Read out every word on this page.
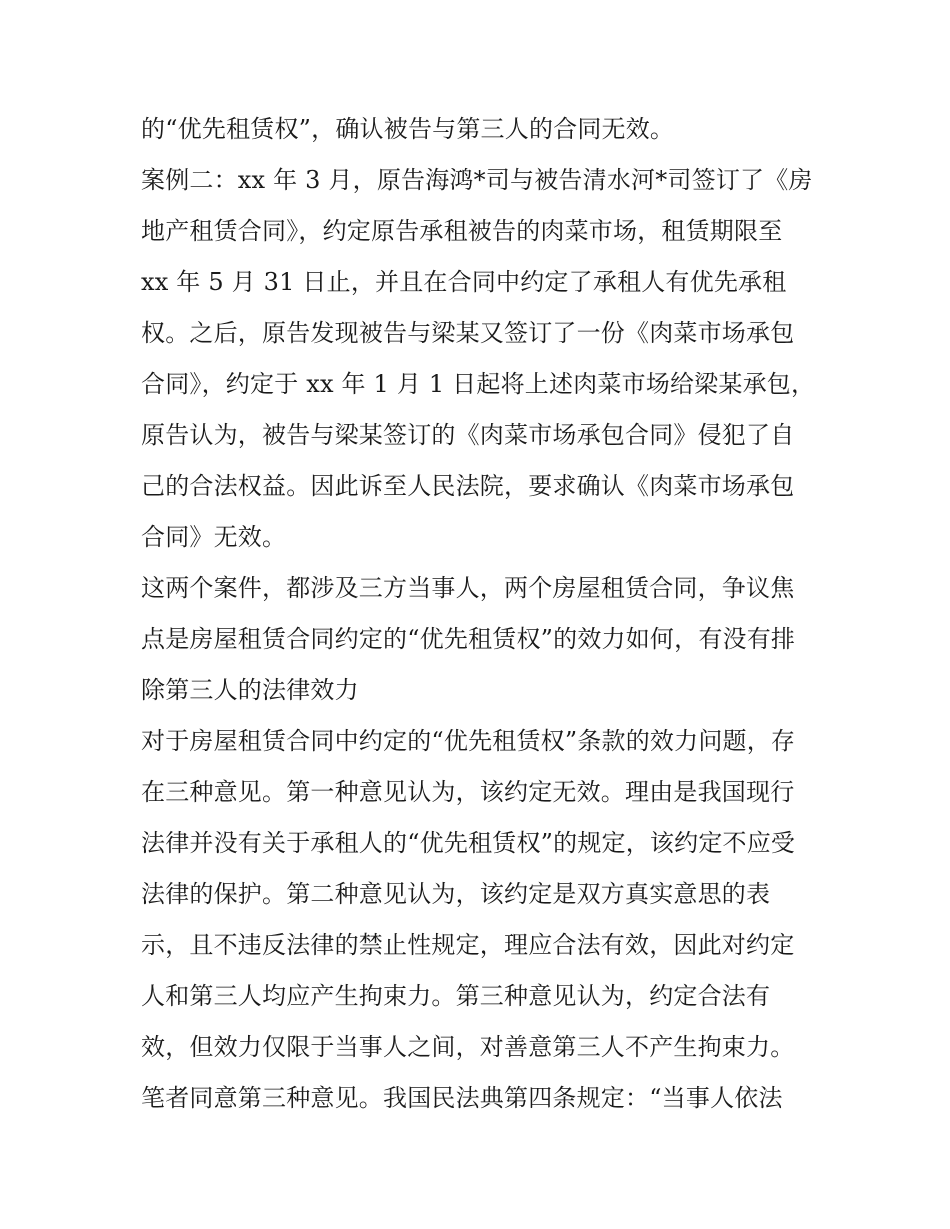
的“优先租赁权”，确认被告与第三人的合同无效。
案例二：xx 年 3 月，原告海鸿*司与被告清水河*司签订了《房
地产租赁合同》，约定原告承租被告的肉菜市场，租赁期限至
xx 年 5 月 31 日止，并且在合同中约定了承租人有优先承租
权。之后，原告发现被告与梁某又签订了一份《肉菜市场承包
合同》，约定于 xx 年 1 月 1 日起将上述肉菜市场给梁某承包，
原告认为，被告与梁某签订的《肉菜市场承包合同》侵犯了自
己的合法权益。因此诉至人民法院，要求确认《肉菜市场承包
合同》无效。
这两个案件，都涉及三方当事人，两个房屋租赁合同，争议焦
点是房屋租赁合同约定的“优先租赁权”的效力如何，有没有排
除第三人的法律效力
对于房屋租赁合同中约定的“优先租赁权”条款的效力问题，存
在三种意见。第一种意见认为，该约定无效。理由是我国现行
法律并没有关于承租人的“优先租赁权”的规定，该约定不应受
法律的保护。第二种意见认为，该约定是双方真实意思的表
示，且不违反法律的禁止性规定，理应合法有效，因此对约定
人和第三人均应产生拘束力。第三种意见认为，约定合法有
效，但效力仅限于当事人之间，对善意第三人不产生拘束力。
笔者同意第三种意见。我国民法典第四条规定：“当事人依法
